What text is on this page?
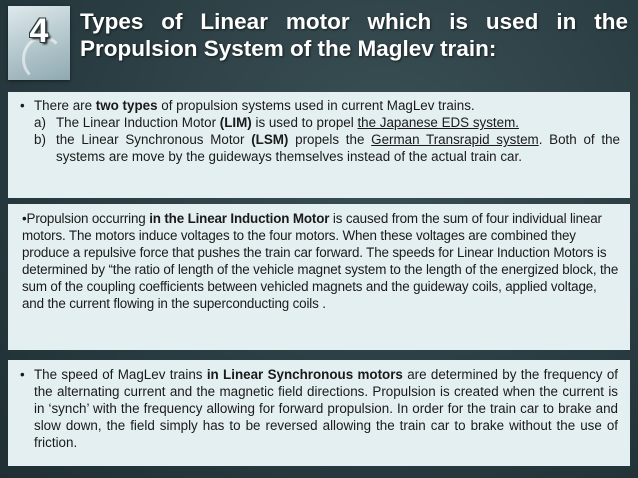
4	Types of Linear motor which is used in the
Propulsion System of the Maglev train:
• There are two types of propulsion systems used in current MagLev trains.
a) The Linear Induction Motor (LIM) is used to propel the Japanese EDS system.
b) the Linear Synchronous Motor (LSM) propels the German Transrapid system. Both of the systems are move by the guideways themselves instead of the actual train car.
•Propulsion occurring in the Linear Induction Motor is caused from the sum of four individual linear motors. The motors induce voltages to the four motors. When these voltages are combined they produce a repulsive force that pushes the train car forward. The speeds for Linear Induction Motors is determined by “the ratio of length of the vehicle magnet system to the length of the energized block, the sum of the coupling coefficients between vehicled magnets and the guideway coils, applied voltage, and the current flowing in the superconducting coils .
• The speed of MagLev trains in Linear Synchronous motors are determined by the frequency of the alternating current and the magnetic field directions. Propulsion is created when the current is in ‘synch’ with the frequency allowing for forward propulsion. In order for the train car to brake and slow down, the field simply has to be reversed allowing the train car to brake without the use of friction.
